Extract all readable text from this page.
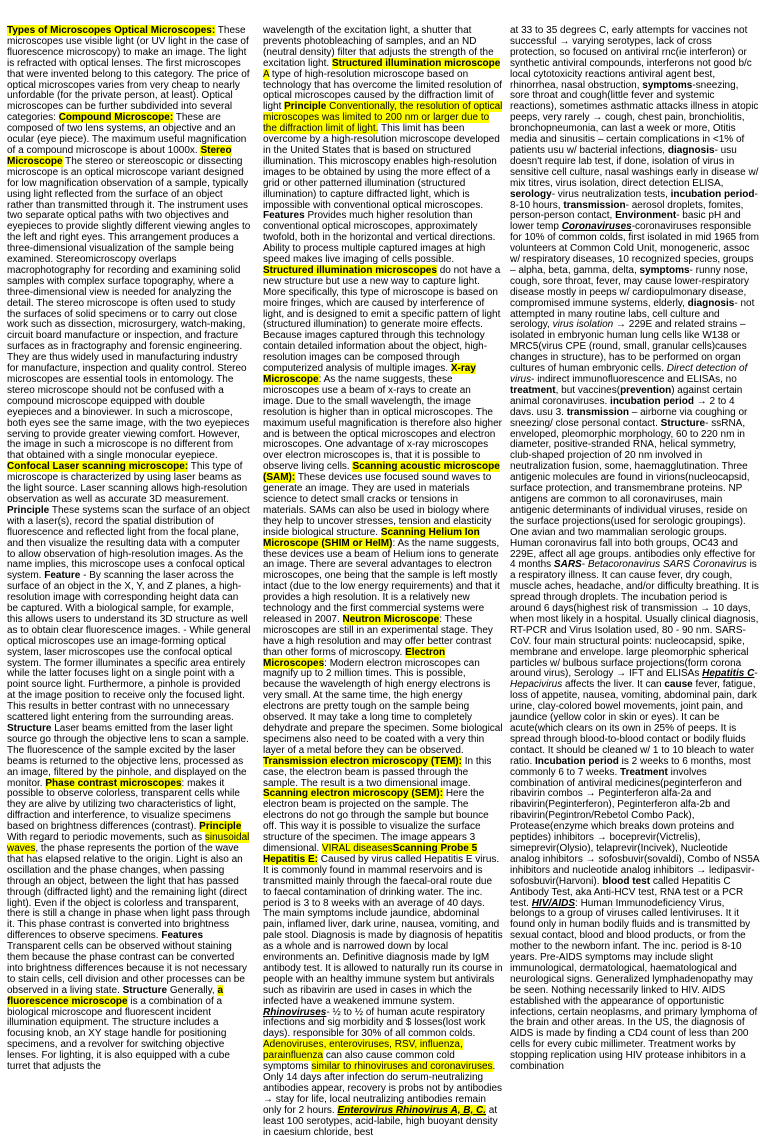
Types of Microscopes Optical Microscopes: These microscopes use visible light (or UV light in the case of fluorescence microscopy) to make an image. The light is refracted with optical lenses. The first microscopes that were invented belong to this category. The price of optical microscopes varies from very cheap to nearly unfordable (for the private person, at least). Optical microscopes can be further subdivided into several categories: Compound Microscope: These are composed of two lens systems, an objective and an ocular (eye piece). The maximum useful magnification of a compound microscope is about 1000x. Stereo Microscope The stereo or stereoscopic or dissecting microscope is an optical microscope variant designed for low magnification observation of a sample, typically using light reflected from the surface of an object rather than transmitted through it. The instrument uses two separate optical paths with two objectives and eyepieces to provide slightly different viewing angles to the left and right eyes. This arrangement produces a three-dimensional visualization of the sample being examined. Stereomicroscopy overlaps macrophotography for recording and examining solid samples with complex surface topography, where a three-dimensional view is needed for analyzing the detail. The stereo microscope is often used to study the surfaces of solid specimens or to carry out close work such as dissection, microsurgery, watch-making, circuit board manufacture or inspection, and fracture surfaces as in fractography and forensic engineering. They are thus widely used in manufacturing industry for manufacture, inspection and quality control. Stereo microscopes are essential tools in entomology. The stereo microscope should not be confused with a compound microscope equipped with double eyepieces and a binoviewer. In such a microscope, both eyes see the same image, with the two eyepieces serving to provide greater viewing comfort. However, the image in such a microscope is no different from that obtained with a single monocular eyepiece. Confocal Laser scanning microscope: This type of microscope is characterized by using laser beams as the light source. Laser scanning allows high-resolution observation as well as accurate 3D measurement. Principle These systems scan the surface of an object with a laser(s), record the spatial distribution of fluorescence and reflected light from the focal plane, and then visualize the resulting data with a computer to allow observation of high-resolution images. As the name implies, this microscope uses a confocal optical system. Feature - By scanning the laser across the surface of an object in the X, Y, and Z planes, a high-resolution image with corresponding height data can be captured. With a biological sample, for example, this allows users to understand its 3D structure as well as to obtain clear fluorescence images. - While general optical microscopes use an image-forming optical system, laser microscopes use the confocal optical system. The former illuminates a specific area entirely while the latter focuses light on a single point with a point source light. Furthermore, a pinhole is provided at the image position to receive only the focused light. This results in better contrast with no unnecessary scattered light entering from the surrounding areas. Structure Laser beams emitted from the laser light source go through the objective lens to scan a sample. The fluorescence of the sample excited by the laser beams is returned to the objective lens, processed as an image, filtered by the pinhole, and displayed on the monitor. Phase contrast microscopes: makes it possible to observe colorless, transparent cells while they are alive by utilizing two characteristics of light, diffraction and interference, to visualize specimens based on brightness differences (contrast). Principle With regard to periodic movements, such as sinusoidal waves, the phase represents the portion of the wave that has elapsed relative to the origin. Light is also an oscillation and the phase changes, when passing through an object, between the light that has passed through (diffracted light) and the remaining light (direct light). Even if the object is colorless and transparent, there is still a change in phase when light pass through it. This phase contrast is converted into brightness differences to observe specimens. Features Transparent cells can be observed without staining them because the phase contrast can be converted into brightness differences because it is not necessary to stain cells, cell division and other processes can be observed in a living state. Structure Generally, a fluorescence microscope is a combination of a biological microscope and fluorescent incident illumination equipment. The structure includes a focusing knob, an XY stage handle for positioning specimens, and a revolver for switching objective lenses. For lighting, it is also equipped with a cube turret that adjusts the
wavelength of the excitation light, a shutter that prevents photobleaching of samples, and an ND (neutral density) filter that adjusts the strength of the excitation light. Structured illumination microscope A type of high-resolution microscope based on technology that has overcome the limited resolution of optical microscopes caused by the diffraction limit of light Principle Conventionally, the resolution of optical microscopes was limited to 200 nm or larger due to the diffraction limit of light. This limit has been overcome by a high-resolution microscope developed in the United States that is based on structured illumination. This microscopy enables high-resolution images to be obtained by using the more effect of a grid or other patterned illumination (structured illumination) to capture diffracted light, which is impossible with conventional optical microscopes. Features Provides much higher resolution than conventional optical microscopes, approximately twofold, both in the horizontal and vertical directions. Ability to process multiple captured images at high speed makes live imaging of cells possible. Structured illumination microscopes do not have a new structure but use a new way to capture light. More specifically, this type of microscope is based on moire fringes, which are caused by interference of light, and is designed to emit a specific pattern of light (structured illumination) to generate moire effects. Because images captured through this technology contain detailed information about the object, high-resolution images can be composed through computerized analysis of multiple images. X-ray Microscope: As the name suggests, these microscopes use a beam of x-rays to create an image. Due to the small wavelength, the image resolution is higher than in optical microscopes. The maximum useful magnification is therefore also higher and is between the optical microscopes and electron microscopes. One advantage of x-ray microscopes over electron microscopes is, that it is possible to observe living cells. Scanning acoustic microscope (SAM): These devices use focused sound waves to generate an image. They are used in materials science to detect small cracks or tensions in materials. SAMs can also be used in biology where they help to uncover stresses, tension and elasticity inside biological structure. Scanning Helium Ion Microscope (SHIM or HeIM): As the name suggests, these devices use a beam of Helium ions to generate an image. There are several advantages to electron microscopes, one being that the sample is left mostly intact (due to the low energy requirements) and that it provides a high resolution. It is a relatively new technology and the first commercial systems were released in 2007. Neutron Microscope: These microscopes are still in an experimental stage. They have a high resolution and may offer better contrast than other forms of microscopy. Electron Microscopes: Modern electron microscopes can magnify up to 2 million times. This is possible, because the wavelength of high energy electrons is very small. At the same time, the high energy electrons are pretty tough on the sample being observed. It may take a long time to completely dehydrate and prepare the specimen. Some biological specimens also need to be coated with a very thin layer of a metal before they can be observed. Transmission electron microscopy (TEM): In this case, the electron beam is passed through the sample. The result is a two dimensional image. Scanning electron microscopy (SEM): Here the electron beam is projected on the sample. The electrons do not go through the sample but bounce off. This way it is possible to visualize the surface structure of the specimen. The image appears 3 dimensional. VIRAL diseasesScanning Probe 5 Hepatitis E: Caused by virus called Hepatitis E virus. It is commonly found in mammal reservoirs and is transmitted mainly through the faecal-oral route due to faecal contamination of drinking water. The inc. period is 3 to 8 weeks with an average of 40 days. The main symptoms include jaundice, abdominal pain, inflamed liver, dark urine, nausea, vomiting, and pale stool. Diagnosis is made by diagnosis of hepatitis as a whole and is narrowed down by local environments an. Definitive diagnosis made by IgM antibody test. It is allowed to naturally run its course in people with an healthy immune system but antivirals such as ribavirin are used in cases in which the infected have a weakened immune system. Rhinoviruses- ½ to ½ of human acute respiratory infections and sig morbidity and $ losses(lost work days). responsible for 30% of all common colds. Adenoviruses, enteroviruses, RSV, influenza, parainfluenza can also cause common cold symptoms similar to rhinoviruses and coronaviruses. Only 14 days after infection do serum-neutralizing antibodies appear, recovery is probs not by antibodies → stay for life, local neutralizing antibodies remain only for 2 hours. Enterovirus Rhinovirus A, B, C. at least 100 serotypes, acid-labile, high buoyant density in caesium chloride, best
at 33 to 35 degrees C, early attempts for vaccines not successful → varying serotypes, lack of cross protection, so focused on antiviral rnc(ie interferon) or synthetic antiviral compounds, interferons not good b/c local cytotoxicity reactions antiviral agent best, rhinorrhea, nasal obstruction, symptoms-sneezing, sore throat and cough(little fever and systemic reactions), sometimes asthmatic attacks illness in atopic peeps, very rarely → cough, chest pain, bronchiolitis, bronchopneumonia, can last a week or more, Otitis media and sinusitis – certain complications in <1% of patients usu w/ bacterial infections, diagnosis- usu doesn't require lab test, if done, isolation of virus in sensitive cell culture, nasal washings early in disease w/ mix titres, virus isolation, direct detection ELISA, serology- virus neutralization tests, incubation period- 8-10 hours, transmission- aerosol droplets, fomites, person-person contact, Environment- basic pH and lower temp Coronaviruses-coronaviruses responsible for 10% of common colds, first isolated in mid 1965 from volunteers at Common Cold Unit, monogeneric, assoc w/ respiratory diseases, 10 recognized species, groups – alpha, beta, gamma, delta, symptoms- runny nose, cough, sore throat, fever, may cause lower-respiratory disease mostly in peeps w/ cardiopulmonary disease, compromised immune systems, elderly, diagnosis- not attempted in many routine labs, cell culture and serology, virus isolation → 229E and related strains – isolated in embryonic human lung cells like W138 or MRC5(virus CPE (round, small, granular cells)causes changes in structure), has to be performed on organ cultures of human embryonic cells. Direct detection of virus- indirect immunofluorescence and ELISAs, no treatment, but vaccines(prevention) against certain animal coronaviruses. incubation period → 2 to 4 davs. usu 3. transmission – airborne via coughing or sneezing/ close personal contact. Structure- ssRNA, enveloped, pleomorphic morphology, 60 to 220 nm in diameter, positive-stranded RNA, helical symmetry, club-shaped projection of 20 nm involved in neutralization fusion, some, haemagglutination. Three antigenic molecules are found in virions(nucleocapsid, surface protection, and transmembrane proteins. NP antigens are common to all coronaviruses, main antigenic determinants of individual viruses, reside on the surface projections(used for serologic groupings). One avian and two mammalian serologic groups. Human coronavirus fall into both groups, OC43 and 229E, affect all age groups. antibodies only effective for 4 months SARS- Betacoronavirus SARS Coronavirus is a respiratory illness. It can cause fever, dry cough, muscle aches, headache, and/or difficulty breathing. It is spread through droplets. The incubation period is around 6 days(highest risk of transmission → 10 days, when most likely in a hospital. Usually clinical diagnosis, RT-PCR and Virus Isolation used, 80 - 90 nm. SARS-CoV. four main structural points: nucleocapsid, spike, membrane and envelope. large pleomorphic spherical particles w/ bulbous surface projections(form corona around virus), Serology → IFT and ELISAs Hepatitis C- Hepacivirus affects the liver. It can cause fever, fatigue, loss of appetite, nausea, vomiting, abdominal pain, dark urine, clay-colored bowel movements, joint pain, and jaundice (yellow color in skin or eyes). It can be acute(which clears on its own in 25% of peeps. It is spread through blood-to-blood contact or bodily fluids contact. It should be cleaned w/ 1 to 10 bleach to water ratio. Incubation period is 2 weeks to 6 months, most commonly 6 to 7 weeks. Treatment involves combination of antiviral medicines(peginterferon and ribavirin combos → Peginterferon alfa-2a and ribavirin(Peginterferon), Peginterferon alfa-2b and ribavirin(Pegintron/Rebetol Combo Pack), Protease(enzyme which breaks down proteins and peptides) inhibitors → boceprevir(Victrelis), simeprevir(Olysio), telaprevir(Incivek), Nucleotide analog inhibitors → sofosbuvir(sovaldi), Combo of NS5A inhibitors and nucleotide analog inhibitors → ledipasvir-sofosbuvir(Harvoni). blood test called Hepatitis C Antibody Test, aka Anti-HCV test, RNA test or a PCR test. HIV/AIDS: Human Immunodeficiency Virus, belongs to a group of viruses called lentiviruses. It it found only in human bodily fluids and is transmitted by sexual contact, blood and blood products, or from the mother to the newborn infant. The inc. period is 8-10 years. Pre-AIDS symptoms may include slight immunological, dermatological, haematological and neurological signs. Generalized lymphadenopathy may be seen. Nothing necessarily linked to HIV. AIDS established with the appearance of opportunistic infections, certain neoplasms, and primary lymphoma of the brain and other areas. In the US, the diagnosis of AIDS is made by finding a CD4 count of less than 200 cells for every cubic millimeter. Treatment works by stopping replication using HIV protease inhibitors in a combination
